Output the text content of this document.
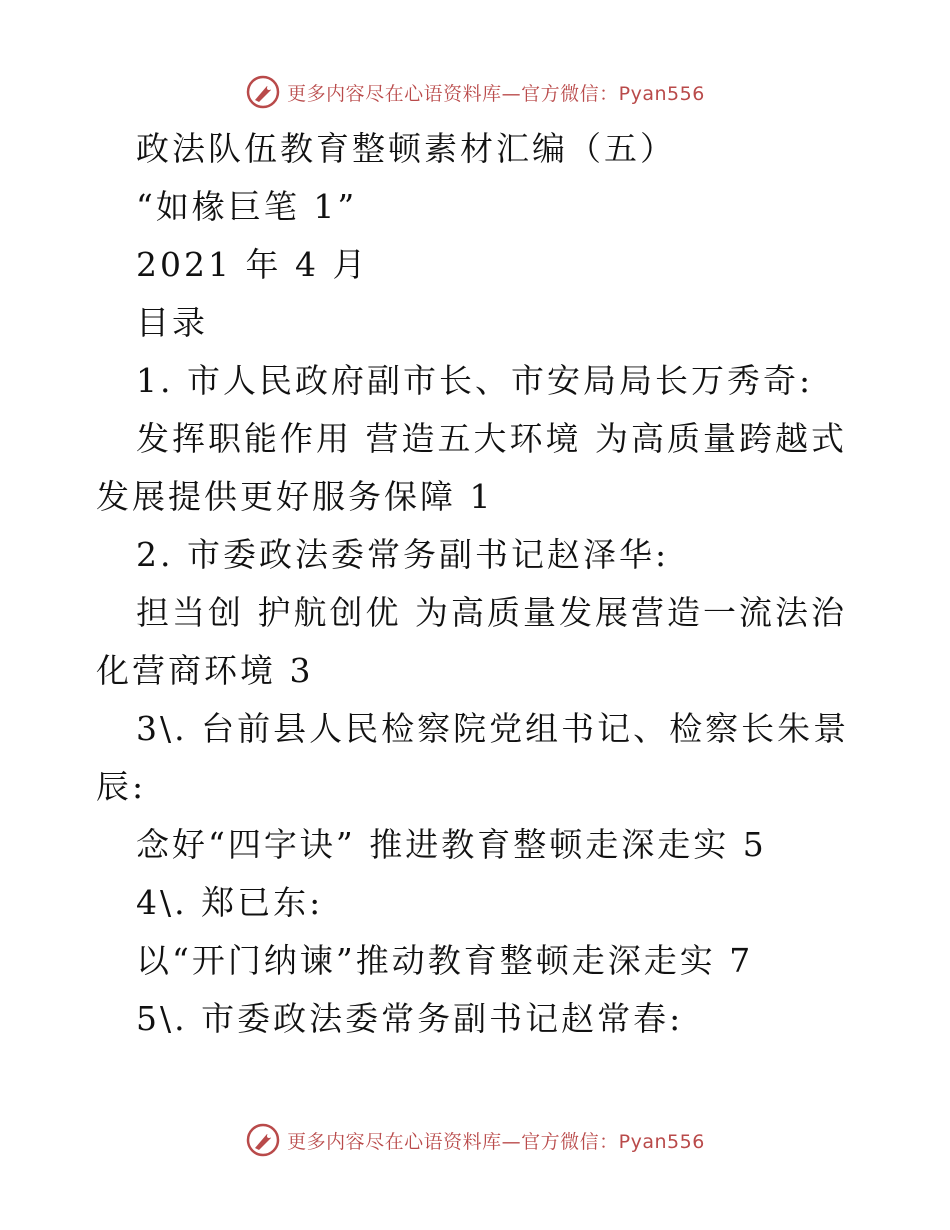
更多内容尽在心语资料库—官方微信：Pyan556

政法队伍教育整顿素材汇编（五）

“如椽巨笔 1”

2021 年 4 月

目录

1. 市人民政府副市长、市安局局长万秀奇:

发挥职能作用 营造五大环境 为高质量跨越式发展提供更好服务保障 1

2. 市委政法委常务副书记赵泽华:

担当创 护航创优 为高质量发展营造一流法治化营商环境 3

3\. 台前县人民检察院党组书记、检察长朱景辰:

念好“四字诀” 推进教育整顿走深走实 5

4\. 郑已东:

以“开门纳谏”推动教育整顿走深走实 7

5\. 市委政法委常务副书记赵常春:

更多内容尽在心语资料库—官方微信：Pyan556
